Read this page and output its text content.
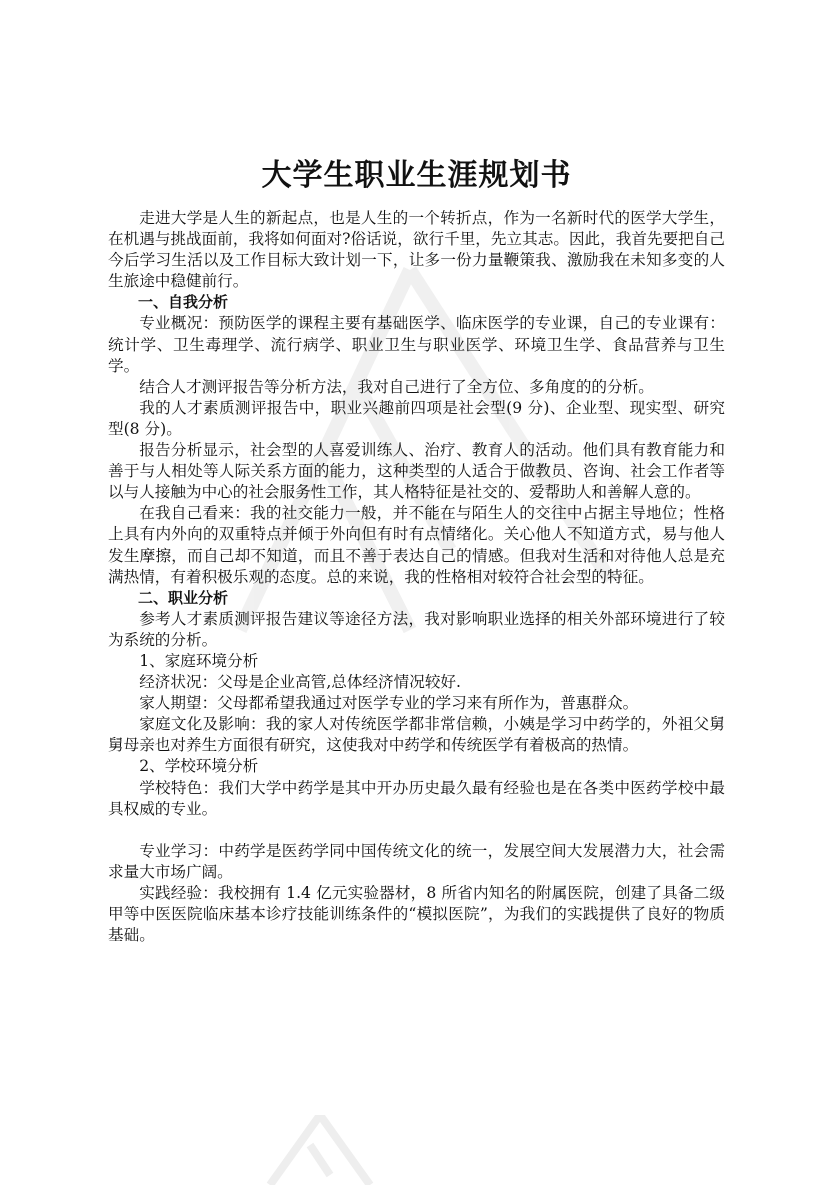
大学生职业生涯规划书

走进大学是人生的新起点，也是人生的一个转折点，作为一名新时代的医学大学生，在机遇与挑战面前，我将如何面对?俗话说，欲行千里，先立其志。因此，我首先要把自己今后学习生活以及工作目标大致计划一下，让多一份力量鞭策我、激励我在未知多变的人生旅途中稳健前行。

一、自我分析

专业概况：预防医学的课程主要有基础医学、临床医学的专业课，自己的专业课有：统计学、卫生毒理学、流行病学、职业卫生与职业医学、环境卫生学、食品营养与卫生学。

结合人才测评报告等分析方法，我对自己进行了全方位、多角度的的分析。

我的人才素质测评报告中，职业兴趣前四项是社会型(9 分)、企业型、现实型、研究型(8 分)。

报告分析显示，社会型的人喜爱训练人、治疗、教育人的活动。他们具有教育能力和善于与人相处等人际关系方面的能力，这种类型的人适合于做教员、咨询、社会工作者等以与人接触为中心的社会服务性工作，其人格特征是社交的、爱帮助人和善解人意的。

在我自己看来：我的社交能力一般，并不能在与陌生人的交往中占据主导地位；性格上具有内外向的双重特点并倾于外向但有时有点情绪化。关心他人不知道方式，易与他人发生摩擦，而自己却不知道，而且不善于表达自己的情感。但我对生活和对待他人总是充满热情，有着积极乐观的态度。总的来说，我的性格相对较符合社会型的特征。

二、职业分析

参考人才素质测评报告建议等途径方法，我对影响职业选择的相关外部环境进行了较为系统的分析。

1、家庭环境分析

经济状况：父母是企业高管,总体经济情况较好.

家人期望：父母都希望我通过对医学专业的学习来有所作为，普惠群众。

家庭文化及影响：我的家人对传统医学都非常信赖，小姨是学习中药学的，外祖父舅舅母亲也对养生方面很有研究，这使我对中药学和传统医学有着极高的热情。

2、学校环境分析

学校特色：我们大学中药学是其中开办历史最久最有经验也是在各类中医药学校中最具权威的专业。

专业学习：中药学是医药学同中国传统文化的统一，发展空间大发展潜力大，社会需求量大市场广阔。

实践经验：我校拥有 1.4 亿元实验器材，8 所省内知名的附属医院，创建了具备二级甲等中医医院临床基本诊疗技能训练条件的“模拟医院”，为我们的实践提供了良好的物质基础。
